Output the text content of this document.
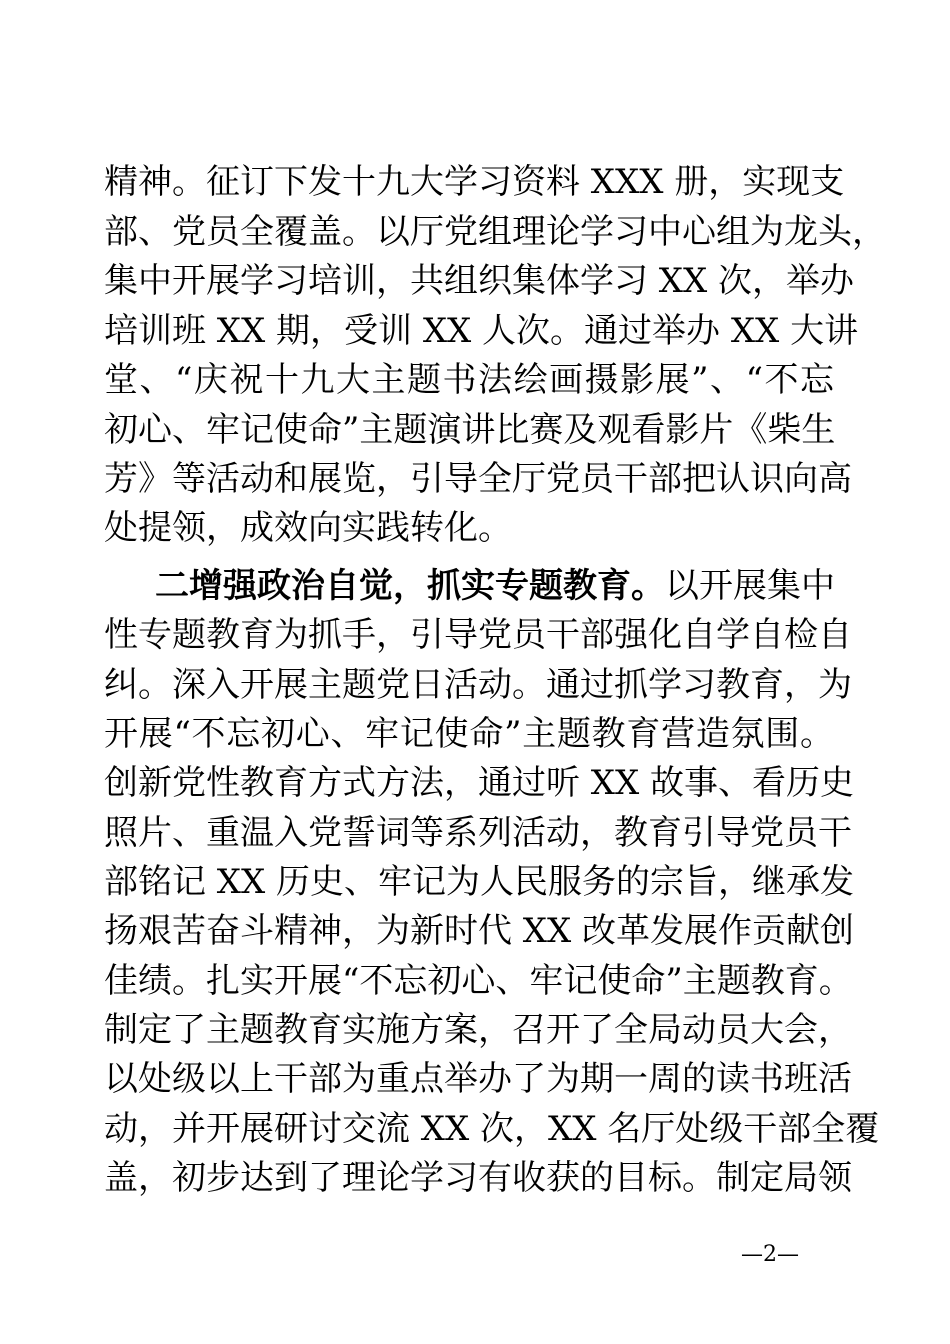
精神。征订下发十九大学习资料 XXX 册，实现支
部、党员全覆盖。以厅党组理论学习中心组为龙头，
集中开展学习培训，共组织集体学习 XX 次，举办
培训班 XX 期，受训 XX 人次。通过举办 XX 大讲
堂、“庆祝十九大主题书法绘画摄影展”、“不忘
初心、牢记使命”主题演讲比赛及观看影片《柴生
芳》等活动和展览，引导全厅党员干部把认识向高
处提领，成效向实践转化。
二增强政治自觉，抓实专题教育。以开展集中
性专题教育为抓手，引导党员干部强化自学自检自
纠。深入开展主题党日活动。通过抓学习教育，为
开展“不忘初心、牢记使命”主题教育营造氛围。
创新党性教育方式方法，通过听 XX 故事、看历史
照片、重温入党誓词等系列活动，教育引导党员干
部铭记 XX 历史、牢记为人民服务的宗旨，继承发
扬艰苦奋斗精神，为新时代 XX 改革发展作贡献创
佳绩。扎实开展“不忘初心、牢记使命”主题教育。
制定了主题教育实施方案，召开了全局动员大会，
以处级以上干部为重点举办了为期一周的读书班活
动，并开展研讨交流 XX 次，XX 名厅处级干部全覆
盖，初步达到了理论学习有收获的目标。制定局领
—2—
